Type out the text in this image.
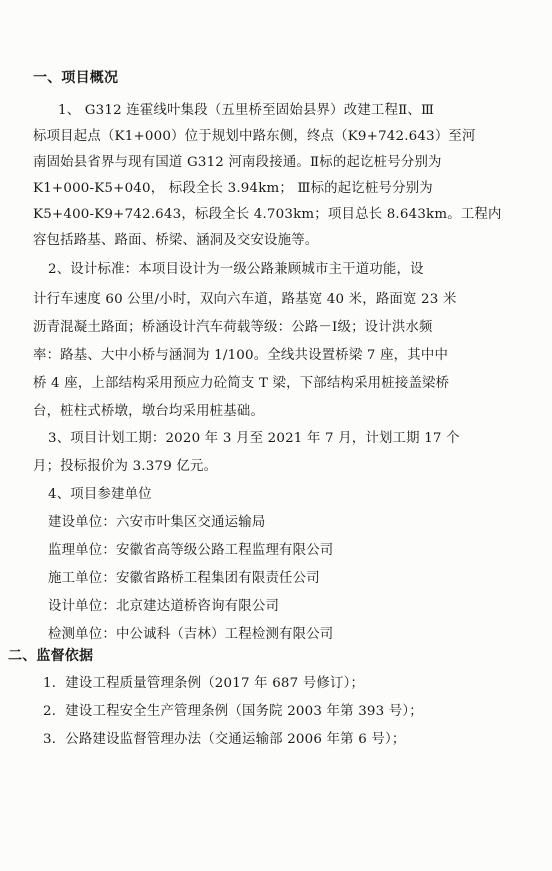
一、项目概况
1、 G312 连霍线叶集段（五里桥至固始县界）改建工程Ⅱ、Ⅲ
标项目起点（K1+000）位于规划中路东侧，终点（K9+742.643）至河
南固始县省界与现有国道 G312 河南段接通。Ⅱ标的起讫桩号分别为
K1+000-K5+040， 标段全长 3.94km； Ⅲ标的起讫桩号分别为
K5+400-K9+742.643，标段全长 4.703km；项目总长 8.643km。工程内
容包括路基、路面、桥梁、涵洞及交安设施等。
2、设计标准：本项目设计为一级公路兼顾城市主干道功能，设
计行车速度 60 公里/小时，双向六车道，路基宽 40 米，路面宽 23 米
沥青混凝土路面；桥涵设计汽车荷载等级：公路－Ⅰ级；设计洪水频
率：路基、大中小桥与涵洞为 1/100。全线共设置桥梁 7 座，其中中
桥 4 座，上部结构采用预应力砼简支 T 梁，下部结构采用桩接盖梁桥
台，桩柱式桥墩，墩台均采用桩基础。
3、项目计划工期：2020 年 3 月至 2021 年 7 月，计划工期 17 个
月；投标报价为 3.379 亿元。
4、项目参建单位
建设单位：六安市叶集区交通运输局
监理单位：安徽省高等级公路工程监理有限公司
施工单位：安徽省路桥工程集团有限责任公司
设计单位：北京建达道桥咨询有限公司
检测单位：中公诚科（吉林）工程检测有限公司
二、监督依据
1．建设工程质量管理条例（2017 年 687 号修订）；
2．建设工程安全生产管理条例（国务院 2003 年第 393 号）；
3．公路建设监督管理办法（交通运输部 2006 年第 6 号）；
